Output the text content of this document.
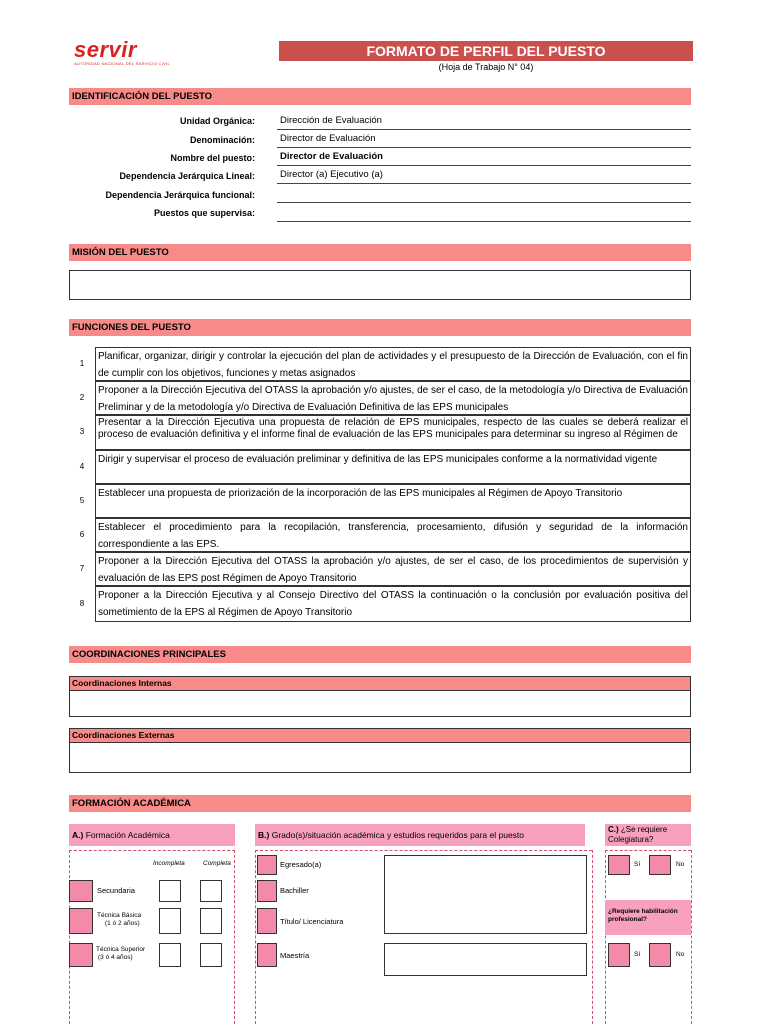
servir
AUTORIDAD NACIONAL DEL SERVICIO CIVIL
FORMATO DE PERFIL DEL PUESTO
(Hoja de Trabajo N° 04)
IDENTIFICACIÓN DEL PUESTO
Unidad Orgánica:	Dirección de Evaluación
Denominación:	Director de Evaluación
Nombre del puesto:	Director de Evaluación
Dependencia Jerárquica Lineal:	Director (a) Ejecutivo (a)
Dependencia Jerárquica funcional:
Puestos que supervisa:
MISIÓN DEL PUESTO
FUNCIONES DEL PUESTO
1
Planificar, organizar, dirigir y controlar la ejecución del plan de actividades y el presupuesto de la Dirección de Evaluación, con el fin de cumplir con los objetivos, funciones y metas asignados
2
Proponer a la Dirección Ejecutiva del OTASS la aprobación y/o ajustes, de ser el caso, de la metodología y/o Directiva de Evaluación Preliminar y de la metodología y/o Directiva de Evaluación Definitiva de las EPS municipales
3
Presentar a la Dirección Ejecutiva una propuesta de relación de EPS municipales, respecto de las cuales se deberá realizar el proceso de evaluación definitiva y el informe final de evaluación de las EPS municipales para determinar su ingreso al Régimen de
4
Dirigir y supervisar el proceso de evaluación preliminar y definitiva de las EPS municipales conforme a la normatividad vigente
5
Establecer una propuesta de priorización de la incorporación de las EPS municipales al Régimen de Apoyo Transitorio
6
Establecer el procedimiento para la recopilación, transferencia, procesamiento, difusión y seguridad de la información correspondiente a las EPS.
7
Proponer a la Dirección Ejecutiva del OTASS la aprobación y/o ajustes, de ser el caso, de los procedimientos de supervisión y evaluación de las EPS post Régimen de Apoyo Transitorio
8
Proponer a la Dirección Ejecutiva y al Consejo Directivo del OTASS la continuación o la conclusión por evaluación positiva del sometimiento de la EPS al Régimen de Apoyo Transitorio
COORDINACIONES PRINCIPALES
Coordinaciones Internas
Coordinaciones Externas
FORMACIÓN ACADÉMICA
A.) Formación Académica
Incompleta	Completa
Secundaria
Técnica Básica
(1 ó 2 años)
Técnica Superior
(3 ó 4 años)
B.) Grado(s)/situación académica y estudios requeridos para el puesto
Egresado(a)
Bachiller
Título/ Licenciatura
Maestría
C.) ¿Se requiere Colegiatura?
Sí	No
¿Requiere habilitación profesional?
Sí	No
